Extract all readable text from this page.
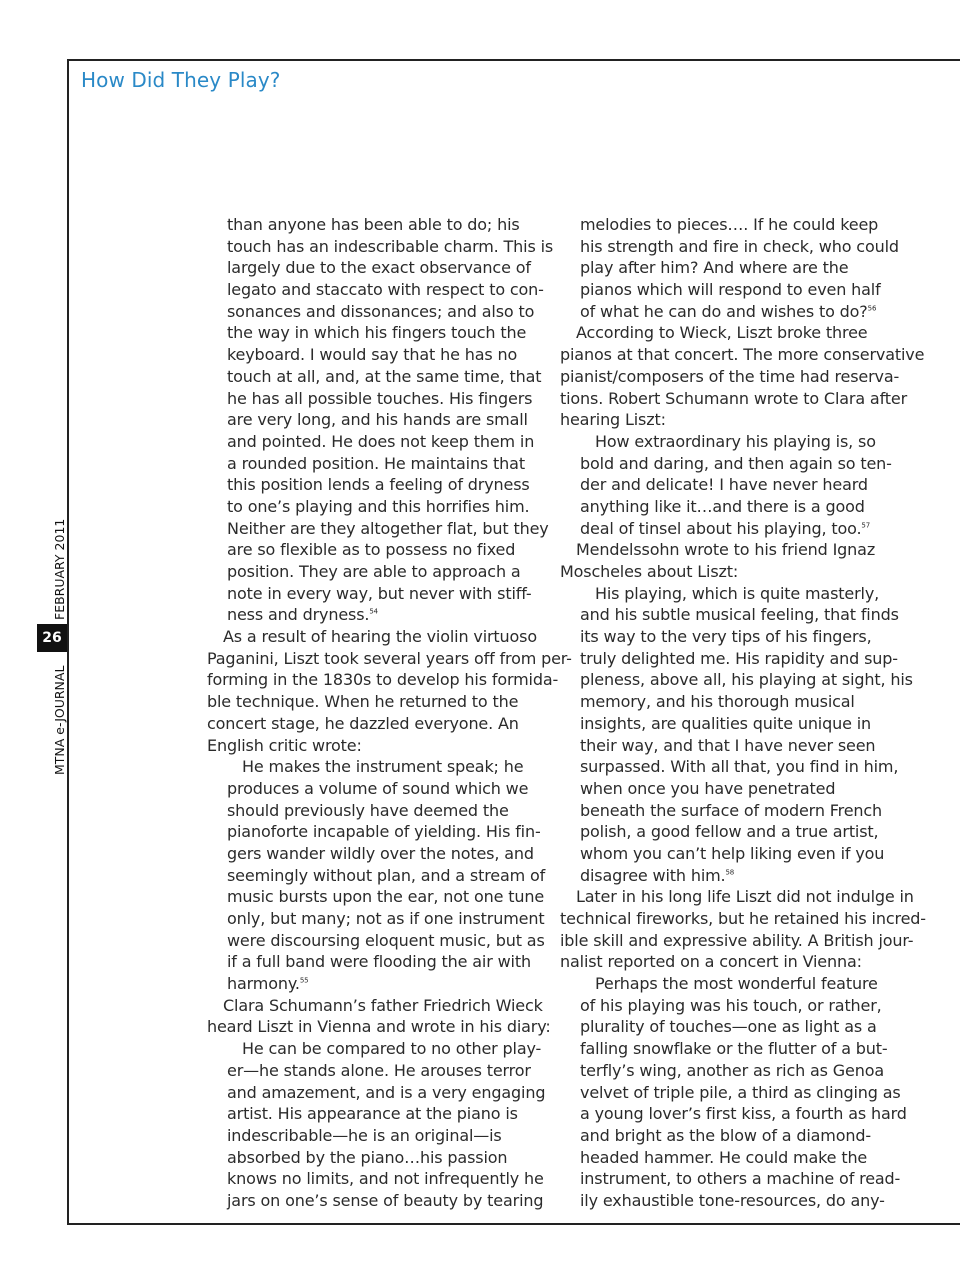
How Did They Play?
MTNA e-JOURNAL
26
FEBRUARY 2011
than anyone has been able to do; his
touch has an indescribable charm. This is
largely due to the exact observance of
legato and staccato with respect to con-
sonances and dissonances; and also to
the way in which his fingers touch the
keyboard. I would say that he has no
touch at all, and, at the same time, that
he has all possible touches. His fingers
are very long, and his hands are small
and pointed. He does not keep them in
a rounded position. He maintains that
this position lends a feeling of dryness
to one’s playing and this horrifies him.
Neither are they altogether flat, but they
are so flexible as to possess no fixed
position. They are able to approach a
note in every way, but never with stiff-
ness and dryness.$^{54}$
As a result of hearing the violin virtuoso
Paganini, Liszt took several years off from per-
forming in the 1830s to develop his formida-
ble technique. When he returned to the
concert stage, he dazzled everyone. An
English critic wrote:
He makes the instrument speak; he
produces a volume of sound which we
should previously have deemed the
pianoforte incapable of yielding. His fin-
gers wander wildly over the notes, and
seemingly without plan, and a stream of
music bursts upon the ear, not one tune
only, but many; not as if one instrument
were discoursing eloquent music, but as
if a full band were flooding the air with
harmony.$^{55}$
Clara Schumann’s father Friedrich Wieck
heard Liszt in Vienna and wrote in his diary:
He can be compared to no other play-
er—he stands alone. He arouses terror
and amazement, and is a very engaging
artist. His appearance at the piano is
indescribable—he is an original—is
absorbed by the piano…his passion
knows no limits, and not infrequently he
jars on one’s sense of beauty by tearing
melodies to pieces…. If he could keep
his strength and fire in check, who could
play after him? And where are the
pianos which will respond to even half
of what he can do and wishes to do?$^{56}$
According to Wieck, Liszt broke three
pianos at that concert. The more conservative
pianist/composers of the time had reserva-
tions. Robert Schumann wrote to Clara after
hearing Liszt:
How extraordinary his playing is, so
bold and daring, and then again so ten-
der and delicate! I have never heard
anything like it…and there is a good
deal of tinsel about his playing, too.$^{57}$
Mendelssohn wrote to his friend Ignaz
Moscheles about Liszt:
His playing, which is quite masterly,
and his subtle musical feeling, that finds
its way to the very tips of his fingers,
truly delighted me. His rapidity and sup-
pleness, above all, his playing at sight, his
memory, and his thorough musical
insights, are qualities quite unique in
their way, and that I have never seen
surpassed. With all that, you find in him,
when once you have penetrated
beneath the surface of modern French
polish, a good fellow and a true artist,
whom you can’t help liking even if you
disagree with him.$^{58}$
Later in his long life Liszt did not indulge in
technical fireworks, but he retained his incred-
ible skill and expressive ability. A British jour-
nalist reported on a concert in Vienna:
Perhaps the most wonderful feature
of his playing was his touch, or rather,
plurality of touches—one as light as a
falling snowflake or the flutter of a but-
terfly’s wing, another as rich as Genoa
velvet of triple pile, a third as clinging as
a young lover’s first kiss, a fourth as hard
and bright as the blow of a diamond-
headed hammer. He could make the
instrument, to others a machine of read-
ily exhaustible tone-resources, do any-
